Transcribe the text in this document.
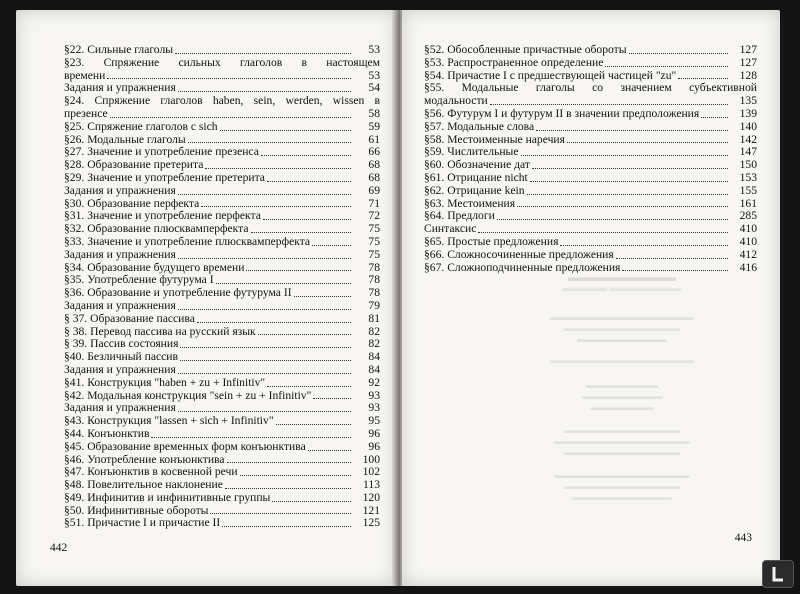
§22. Сильные глаголы	53
§23. Спряжение сильных глаголов в настоящем
времени	53
Задания и упражнения	54
§24. Спряжение глаголов haben, sein, werden, wissen в
презенсе	58
§25. Спряжение глаголов с sich	59
§26. Модальные глаголы	61
§27. Значение и употребление презенса	66
§28. Образование претерита	68
§29. Значение и употребление претерита	68
Задания и упражнения	69
§30. Образование перфекта	71
§31. Значение и употребление перфекта	72
§32. Образование плюсквамперфекта	75
§33. Значение и употребление плюсквамперфекта	75
Задания и упражнения	75
§34. Образование будущего времени	78
§35. Употребление футурума I	78
§36. Образование и употребление футурума II	78
Задания и упражнения	79
§ 37. Образование пассива	81
§ 38. Перевод пассива на русский язык	82
§ 39. Пассив состояния	82
§40. Безличный пассив	84
Задания и упражнения	84
§41. Конструкция "haben + zu + Infinitiv"	92
§42. Модальная конструкция "sein + zu + Infinitiv"	93
Задания и упражнения	93
§43. Конструкция "lassen + sich + Infinitiv"	95
§44. Конъюнктив	96
§45. Образование временных форм конъюнктива	96
§46. Употребление конъюнктива	100
§47. Конъюнктив в косвенной речи	102
§48. Повелительное наклонение	113
§49. Инфинитив и инфинитивные группы	120
§50. Инфинитивные обороты	121
§51. Причастие I и причастие II	125
442
§52. Обособленные причастные обороты	127
§53. Распространенное определение	127
§54. Причастие I с предшествующей частицей "zu"	128
§55. Модальные глаголы со значением субъективной
модальности	135
§56. Футурум I и футурум II в значении предположения	139
§57. Модальные слова	140
§58. Местоименные наречия	142
§59. Числительные	147
§60. Обозначение дат	150
§61. Отрицание nicht	153
§62. Отрицание kein	155
§63. Местоимения	161
§64. Предлоги	285
Синтаксис	410
§65. Простые предложения	410
§66. Сложносочиненные предложения	412
§67. Сложноподчиненные предложения	416
▬▬▬▬▬▬▬▬▬
▬▬▬▬▬ ▬▬▬▬▬▬▬▬
▬▬▬▬▬▬▬▬▬▬▬▬▬▬▬▬
▬▬▬▬▬▬▬▬▬▬▬▬▬
▬▬▬▬▬▬▬▬▬▬
▬▬▬▬▬▬▬▬▬▬▬▬▬▬▬▬
▬▬▬▬▬▬▬▬
▬▬▬▬▬▬▬▬▬
▬▬▬▬▬▬▬
▬▬▬▬▬▬▬▬▬▬▬▬▬
▬▬▬▬▬▬▬▬▬▬▬▬▬▬▬
▬▬▬▬▬▬▬▬▬▬▬▬▬
▬▬▬▬▬▬▬▬▬▬▬▬▬▬▬
▬▬▬▬▬▬▬▬▬▬▬▬▬
▬▬▬▬▬▬▬▬▬▬▬
443
